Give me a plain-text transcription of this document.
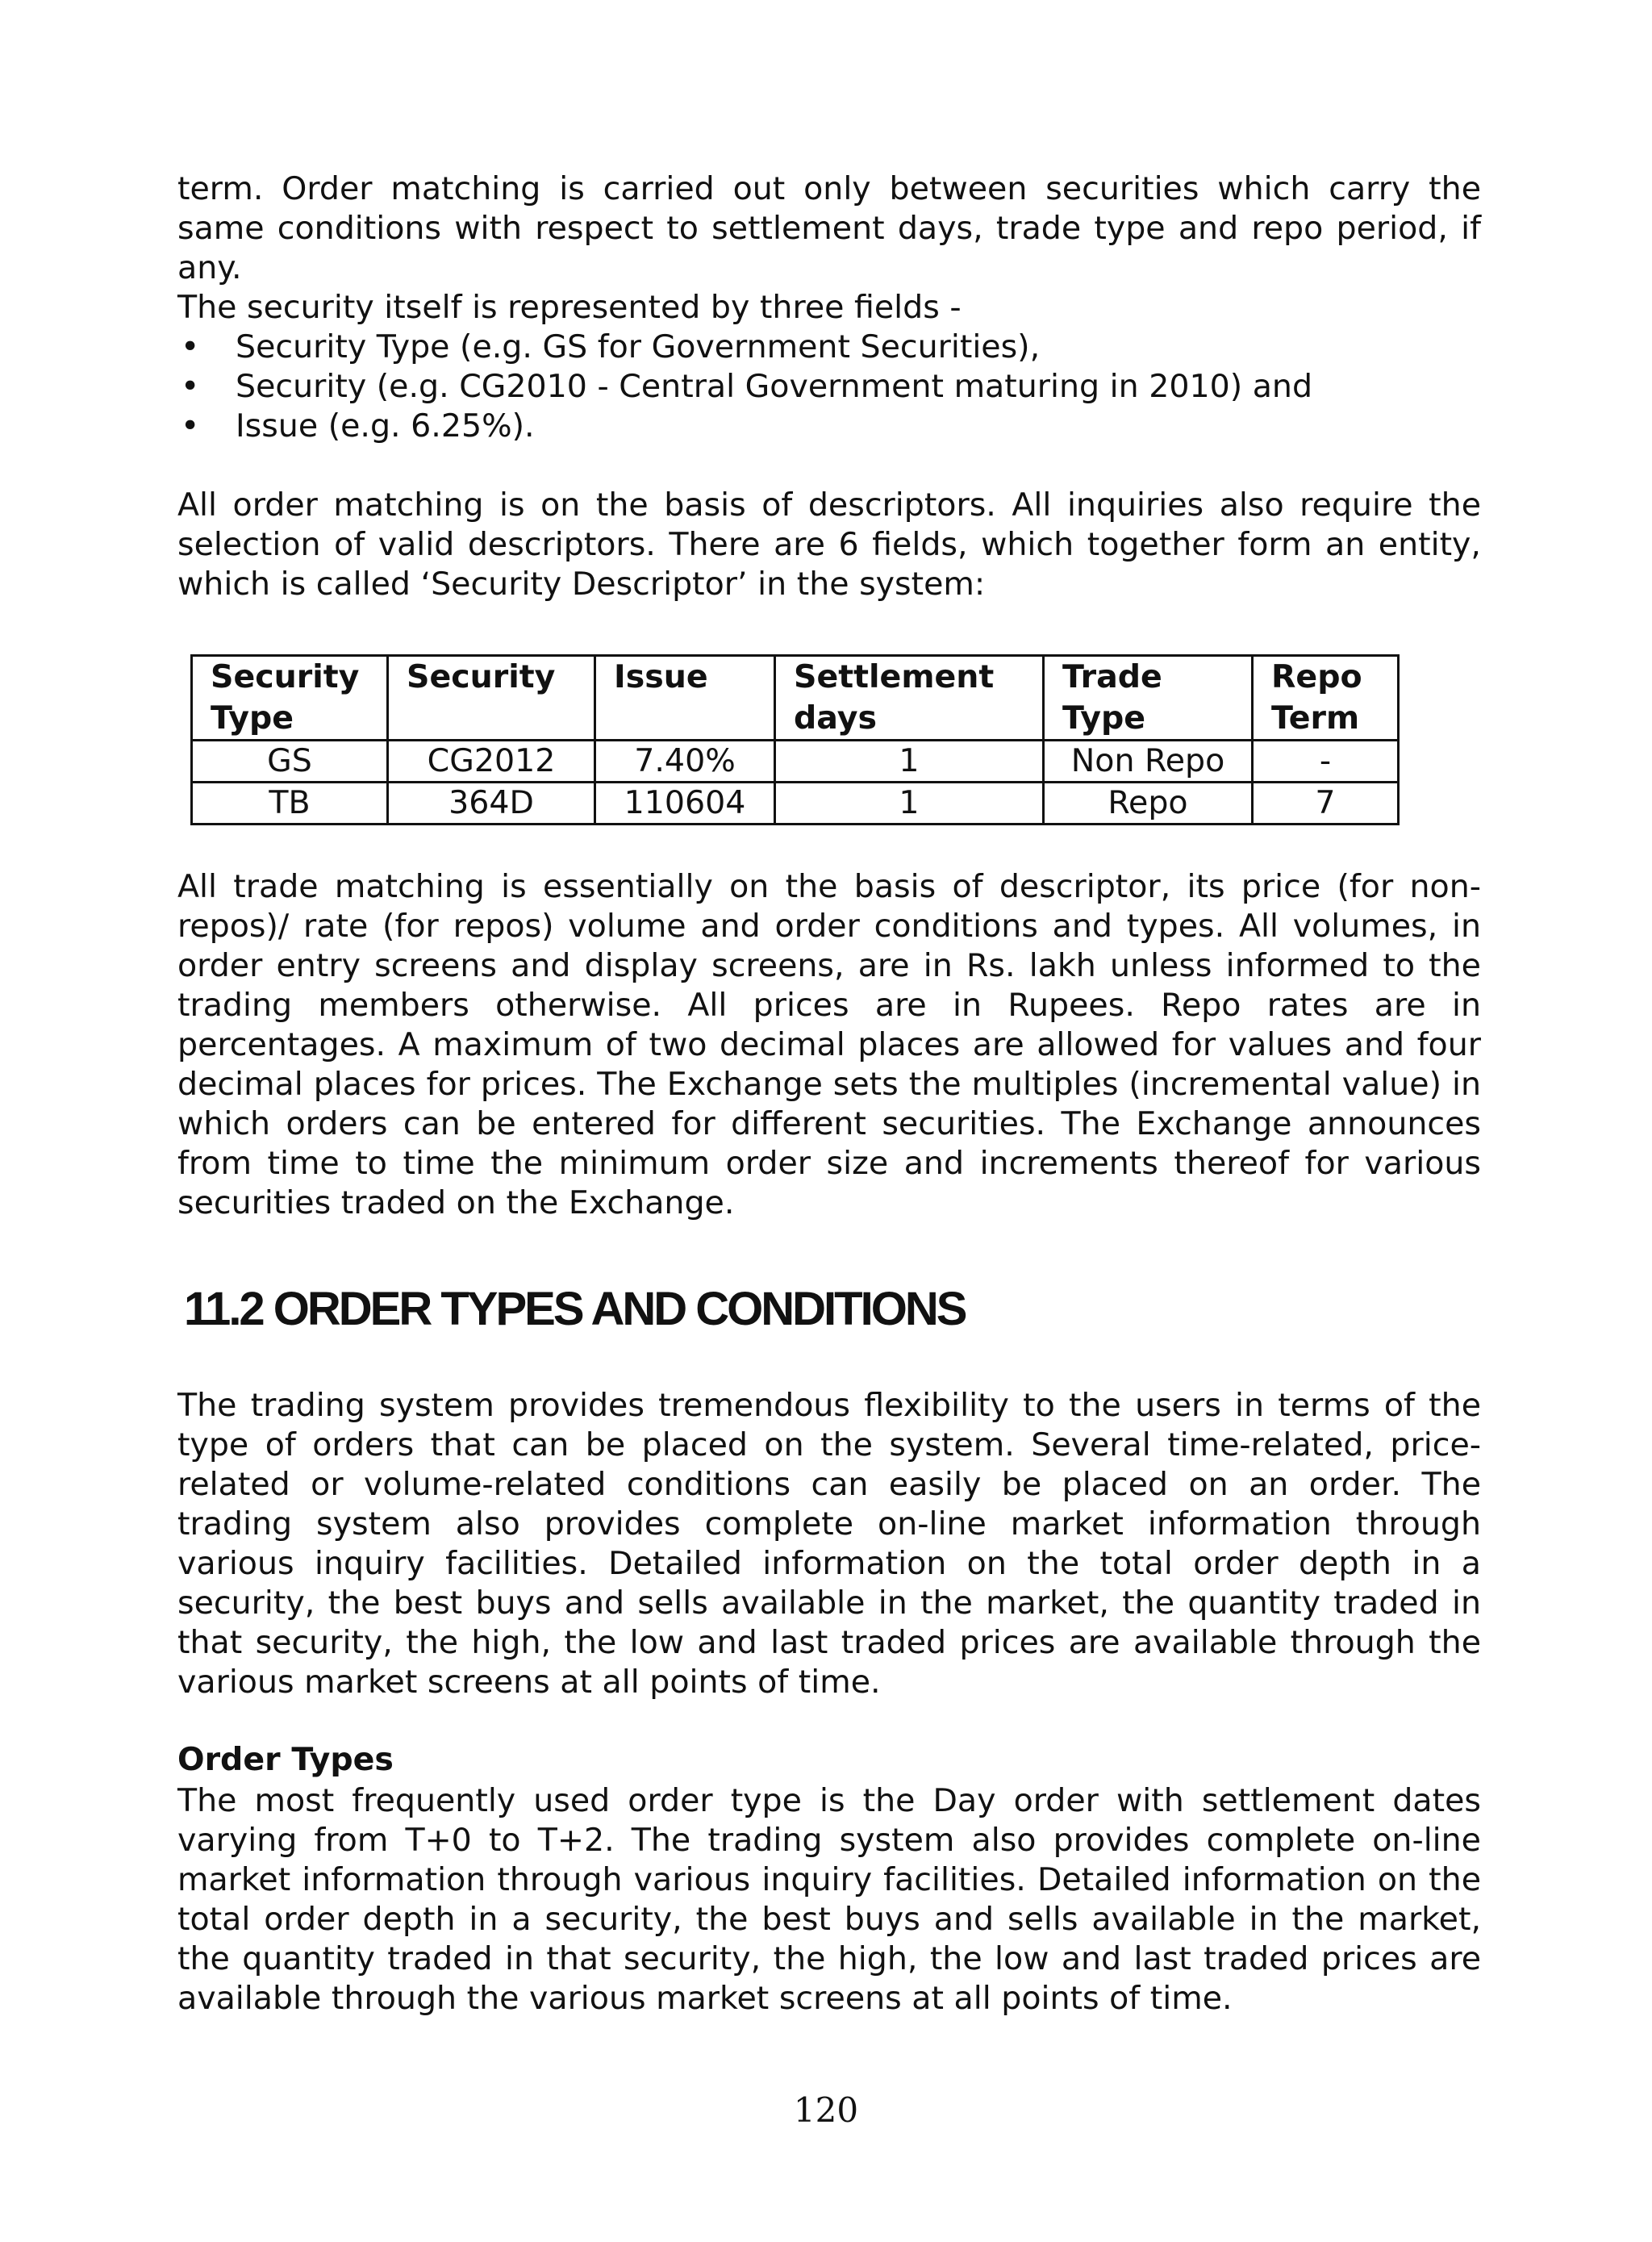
term. Order matching is carried out only between securities which carry the same conditions with respect to settlement days, trade type and repo period, if any.

The security itself is represented by three fields -

• Security Type (e.g. GS for Government Securities),
• Security (e.g. CG2010 - Central Government maturing in 2010) and
• Issue (e.g. 6.25%).

All order matching is on the basis of descriptors. All inquiries also require the selection of valid descriptors. There are 6 fields, which together form an entity, which is called ‘Security Descriptor’ in the system:

Security Type	Security	Issue	Settlement days	Trade Type	Repo Term
GS	CG2012	7.40%	1	Non Repo	-
TB	364D	110604	1	Repo	7

All trade matching is essentially on the basis of descriptor, its price (for non-repos)/ rate (for repos) volume and order conditions and types. All volumes, in order entry screens and display screens, are in Rs. lakh unless informed to the trading members otherwise. All prices are in Rupees. Repo rates are in percentages. A maximum of two decimal places are allowed for values and four decimal places for prices. The Exchange sets the multiples (incremental value) in which orders can be entered for different securities. The Exchange announces from time to time the minimum order size and increments thereof for various securities traded on the Exchange.

11.2 ORDER TYPES AND CONDITIONS

The trading system provides tremendous flexibility to the users in terms of the type of orders that can be placed on the system. Several time-related, price-related or volume-related conditions can easily be placed on an order. The trading system also provides complete on-line market information through various inquiry facilities. Detailed information on the total order depth in a security, the best buys and sells available in the market, the quantity traded in that security, the high, the low and last traded prices are available through the various market screens at all points of time.

Order Types

The most frequently used order type is the Day order with settlement dates varying from T+0 to T+2. The trading system also provides complete on-line market information through various inquiry facilities. Detailed information on the total order depth in a security, the best buys and sells available in the market, the quantity traded in that security, the high, the low and last traded prices are available through the various market screens at all points of time.

120
